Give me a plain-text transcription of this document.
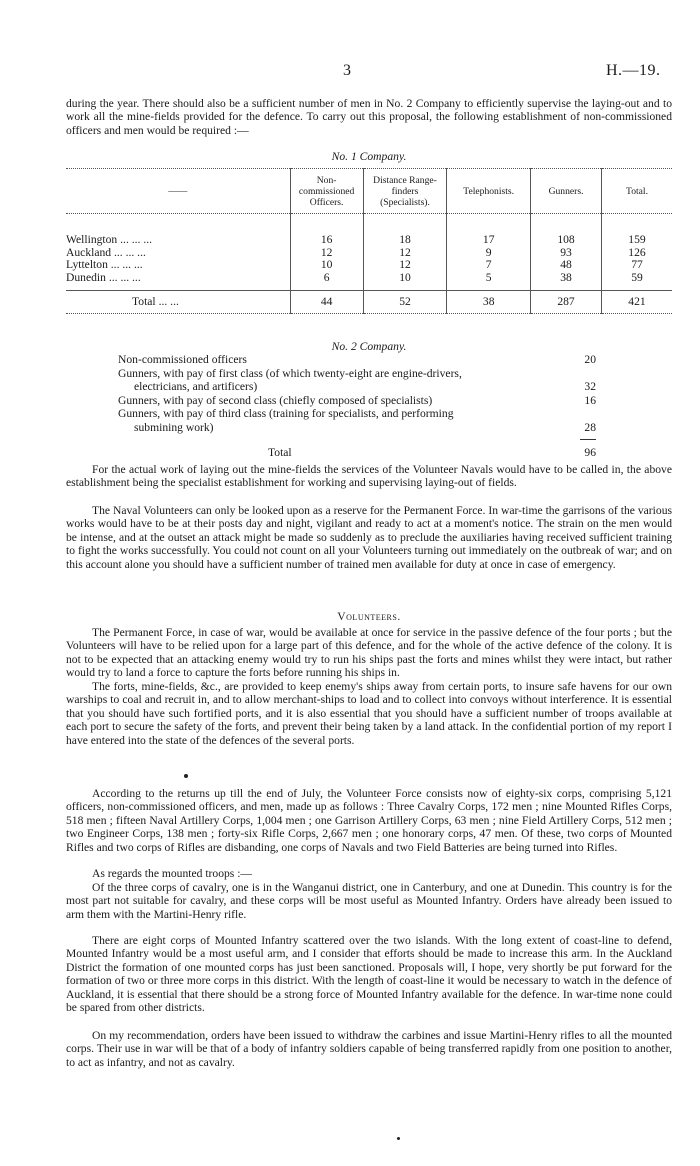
3	H.—19.

during the year. There should also be a sufficient number of men in No. 2 Company to efficiently supervise the laying-out and to work all the mine-fields provided for the defence. To carry out this proposal, the following establishment of non-commissioned officers and men would be required :—

No. 1 Company.

——	Non-commissioned Officers.	Distance Range-finders (Specialists).	Telephonists.	Gunners.	Total.

Wellington ... ... ...	16	18	17	108	159
Auckland ... ... ...	12	12	9	93	126
Lyttelton ... ... ...	10	12	7	48	77
Dunedin ... ... ...	6	10	5	38	59

Total ... ...	44	52	38	287	421

No. 2 Company.

Non-commissioned officers	20
Gunners, with pay of first class (of which twenty-eight are engine-drivers,
electricians, and artificers)	32
Gunners, with pay of second class (chiefly composed of specialists)	16
Gunners, with pay of third class (training for specialists, and performing
submining work)	28
Total	96

For the actual work of laying out the mine-fields the services of the Volunteer Navals would have to be called in, the above establishment being the specialist establishment for working and supervising laying-out of fields.

The Naval Volunteers can only be looked upon as a reserve for the Permanent Force. In war-time the garrisons of the various works would have to be at their posts day and night, vigilant and ready to act at a moment's notice. The strain on the men would be intense, and at the outset an attack might be made so suddenly as to preclude the auxiliaries having received sufficient training to fight the works successfully. You could not count on all your Volunteers turning out immediately on the outbreak of war; and on this account alone you should have a sufficient number of trained men available for duty at once in case of emergency.

Volunteers.

The Permanent Force, in case of war, would be available at once for service in the passive defence of the four ports ; but the Volunteers will have to be relied upon for a large part of this defence, and for the whole of the active defence of the colony. It is not to be expected that an attacking enemy would try to run his ships past the forts and mines whilst they were intact, but rather would try to land a force to capture the forts before running his ships in.

The forts, mine-fields, &c., are provided to keep enemy's ships away from certain ports, to insure safe havens for our own warships to coal and recruit in, and to allow merchant-ships to load and to collect into convoys without interference. It is essential that you should have such fortified ports, and it is also essential that you should have a sufficient number of troops available at each port to secure the safety of the forts, and prevent their being taken by a land attack. In the confidential portion of my report I have entered into the state of the defences of the several ports.

According to the returns up till the end of July, the Volunteer Force consists now of eighty-six corps, comprising 5,121 officers, non-commissioned officers, and men, made up as follows : Three Cavalry Corps, 172 men ; nine Mounted Rifles Corps, 518 men ; fifteen Naval Artillery Corps, 1,004 men ; one Garrison Artillery Corps, 63 men ; nine Field Artillery Corps, 512 men ; two Engineer Corps, 138 men ; forty-six Rifle Corps, 2,667 men ; one honorary corps, 47 men. Of these, two corps of Mounted Rifles and two corps of Rifles are disbanding, one corps of Navals and two Field Batteries are being turned into Rifles.

As regards the mounted troops :—

Of the three corps of cavalry, one is in the Wanganui district, one in Canterbury, and one at Dunedin. This country is for the most part not suitable for cavalry, and these corps will be most useful as Mounted Infantry. Orders have already been issued to arm them with the Martini-Henry rifle.

There are eight corps of Mounted Infantry scattered over the two islands. With the long extent of coast-line to defend, Mounted Infantry would be a most useful arm, and I consider that efforts should be made to increase this arm. In the Auckland District the formation of one mounted corps has just been sanctioned. Proposals will, I hope, very shortly be put forward for the formation of two or three more corps in this district. With the length of coast-line it would be necessary to watch in the defence of Auckland, it is essential that there should be a strong force of Mounted Infantry available for the defence. In war-time none could be spared from other districts.

On my recommendation, orders have been issued to withdraw the carbines and issue Martini-Henry rifles to all the mounted corps. Their use in war will be that of a body of infantry soldiers capable of being transferred rapidly from one position to another, to act as infantry, and not as cavalry.
